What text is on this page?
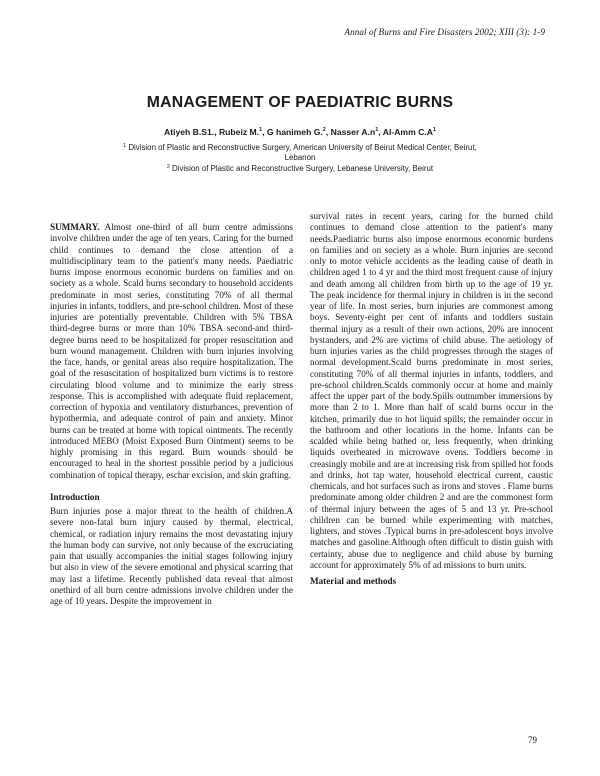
Annal of Burns and Fire Disasters 2002; XIII (3): 1-9
MANAGEMENT OF PAEDIATRIC BURNS
Atiyeh B.S1., Rubeiz M.$^1$, G hanimeh G.$^2$, Nasser $A.n^1$, Al-Amm $C.A^1$
$^1$ Division of Plastic and Reconstructive Surgery, American University of Beirut Medical Center, Beirut, Lebanon
$^2$ Division of Plastic and Reconstructive Surgery, Lebanese University, Beirut

SUMMARY. Almost one-third of all burn centre admissions involve children under the age of ten years. Caring for the burned child continues to demand the close attention of a multidisciplinary team to the patient's many needs. Paediatric burns impose enormous economic burdens on families and on society as a whole. Scald burns secondary to household accidents predominate in most series, constituting 70% of all thermal injuries in infants, toddlers, and pre-school children. Most of these injuries are potentially preventable. Children with 5% TBSA third-degree burns or more than 10% TBSA second-and third-degree burns need to be hospitalized for proper resuscitation and burn wound management. Children with burn injuries involving the face, hands, or genital areas also require hospitalization. The goal of the resuscitation of hospitalized burn victims is to restore circulating blood volume and to minimize the early stress response. This is accomplished with adequate fluid replacement, correction of hypoxia and ventilatory disturbances, prevention of hypothermia, and adequate control of pain and anxiety. Minor burns can be treated at home with topical ointments. The recently introduced MEBO (Moist Exposed Burn Ointment) seems to be highly promising in this regard. Burn wounds should be encouraged to heal in the shortest possible period by a judicious combination of topical therapy, eschar excision, and skin grafting.

Introduction

Burn injuries pose a major threat to the health of children.A severe non-fatal burn injury caused by thermal, electrical, chemical, or radiation injury remains the most devastating injury the human body can survive, not only because of the excruciating pain that usually accompanies the initial stages following injury but also in view of the severe emotional and physical scarring that may last a lifetime. Recently published data reveal that almost onethird of all burn centre admissions involve children under the age of 10 years. Despite the improvement in

survival rates in recent years, caring for the burned child continues to demand close attention to the patient's many needs.Paediatric burns also impose enormous economic burdens on families and on society as a whole. Burn injuries are second only to motor vehicle accidents as the leading cause of death in children aged 1 to 4 yr and the third most frequent cause of injury and death among all children from birth up to the age of 19 yr. The peak incidence for thermal injury in children is in the second year of life. In most series, burn injuries are commonest among boys. Seventy-eight per cent of infants and toddlers sustain thermal injury as a result of their own actions, 20% are innocent bystanders, and 2% are victims of child abuse. The aetiology of burn injuries varies as the child progresses through the stages of normal development.Scald burns predominate in most series, constituting 70% of all thermal injuries in infants, toddlers, and pre-school children.Scalds commonly occur at home and mainly affect the upper part of the body.Spills outnumber immersions by more than 2 to 1. More than half of scald burns occur in the kitchen, primarily due to hot liquid spills; the remainder occur in the bathroom and other locations in the home. Infants can be scalded while being bathed or, less frequently, when drinking liquids overheated in microwave ovens. Toddlers become in creasingly mobile and are at increasing risk from spilled hot foods and drinks, hot tap water, household electrical current, caustic chemicals, and hot surfaces such as irons and stoves . Flame burns predominate among older children 2 and are the commonest form of thermal injury between the ages of 5 and 13 yr. Pre-school children can be burned while experimenting with matches, lighters, and stoves .Typical burns in pre-adolescent boys involve matches and gasoline.Although often difficult to distin guish with certainty, abuse due to negligence and child abuse by burning account for approximately 5% of ad missions to burn units.

Material and methods

79
